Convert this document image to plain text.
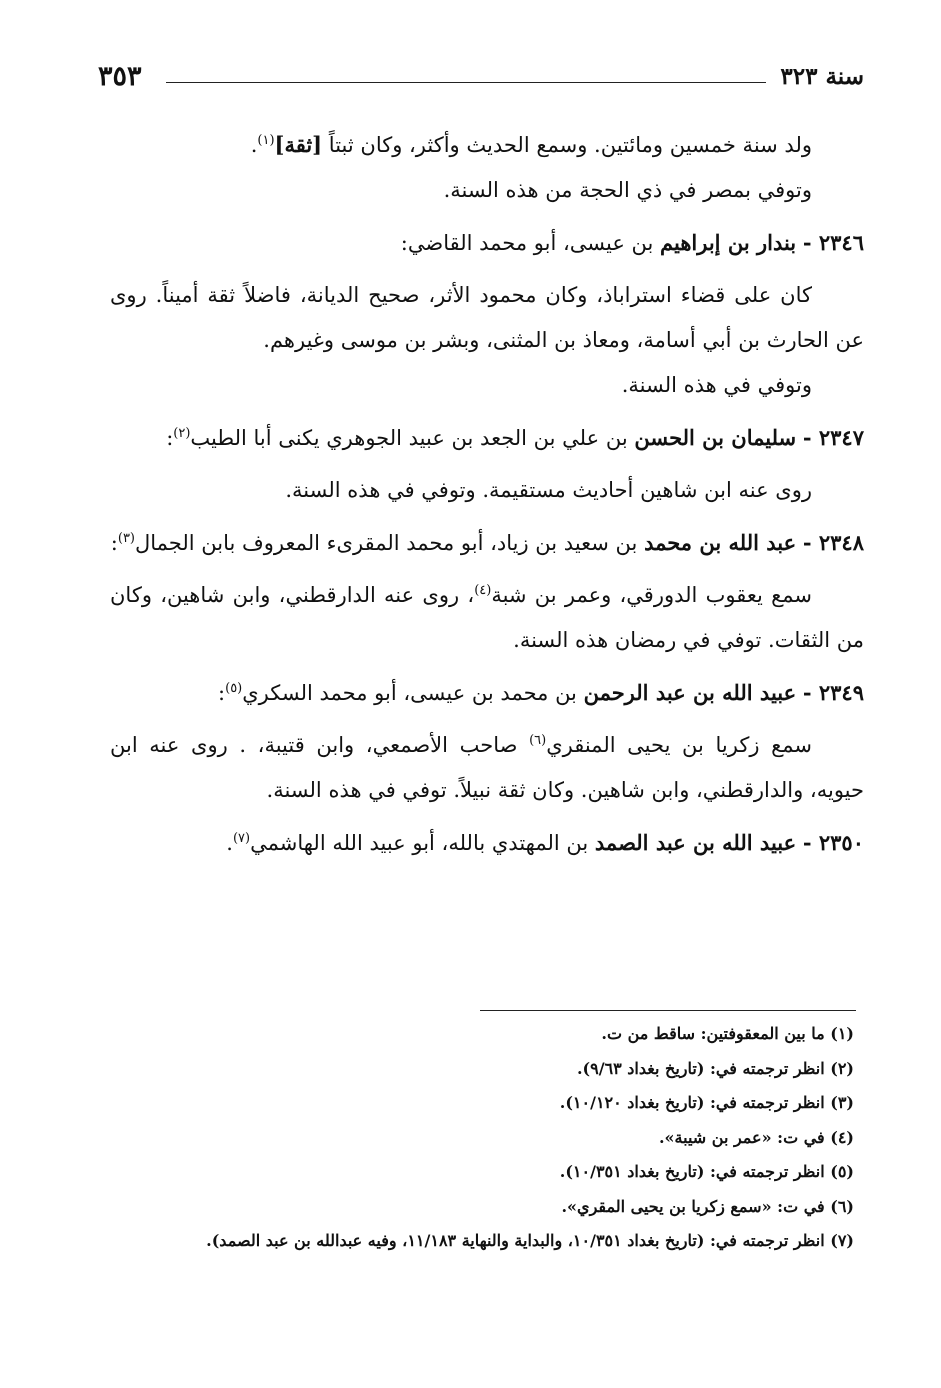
٣٥٣	سنة ٣٢٣

ولد سنة خمسين ومائتين. وسمع الحديث وأكثر، وكان ثبتاً [ثقة]$^{(١)}$.

وتوفي بمصر في ذي الحجة من هذه السنة.

٢٣٤٦ - بندار بن إبراهيم بن عيسى، أبو محمد القاضي:

كان على قضاء استراباذ، وكان محمود الأثر، صحيح الديانة، فاضلاً ثقة أميناً. روى عن الحارث بن أبي أسامة، ومعاذ بن المثنى، وبشر بن موسى وغيرهم.

وتوفي في هذه السنة.

٢٣٤٧ - سليمان بن الحسن بن علي بن الجعد بن عبيد الجوهري يكنى أبا الطيب$^{(٢)}$:

روى عنه ابن شاهين أحاديث مستقيمة. وتوفي في هذه السنة.

٢٣٤٨ - عبد الله بن محمد بن سعيد بن زياد، أبو محمد المقرىء المعروف بابن الجمال$^{(٣)}$:

سمع يعقوب الدورقي، وعمر بن شبة$^{(٤)}$، روى عنه الدارقطني، وابن شاهين، وكان من الثقات. توفي في رمضان هذه السنة.

٢٣٤٩ - عبيد الله بن عبد الرحمن بن محمد بن عيسى، أبو محمد السكري$^{(٥)}$:

سمع زكريا بن يحيى المنقري$^{(٦)}$ صاحب الأصمعي، وابن قتيبة، . روى عنه ابن حيويه، والدارقطني، وابن شاهين. وكان ثقة نبيلاً. توفي في هذه السنة.

٢٣٥٠ - عبيد الله بن عبد الصمد بن المهتدي بالله، أبو عبيد الله الهاشمي$^{(٧)}$.

(١) ما بين المعقوفتين: ساقط من ت.

(٢) انظر ترجمته في: (تاريخ بغداد ٩/٦٣).

(٣) انظر ترجمته في: (تاريخ بغداد ١٠/١٢٠).

(٤) في ت: «عمر بن شيبة».

(٥) انظر ترجمته في: (تاريخ بغداد ١٠/٣٥١).

(٦) في ت: «سمع زكريا بن يحيى المقري».

(٧) انظر ترجمته في: (تاريخ بغداد ١٠/٣٥١، والبداية والنهاية ١١/١٨٣، وفيه عبدالله بن عبد الصمد).
